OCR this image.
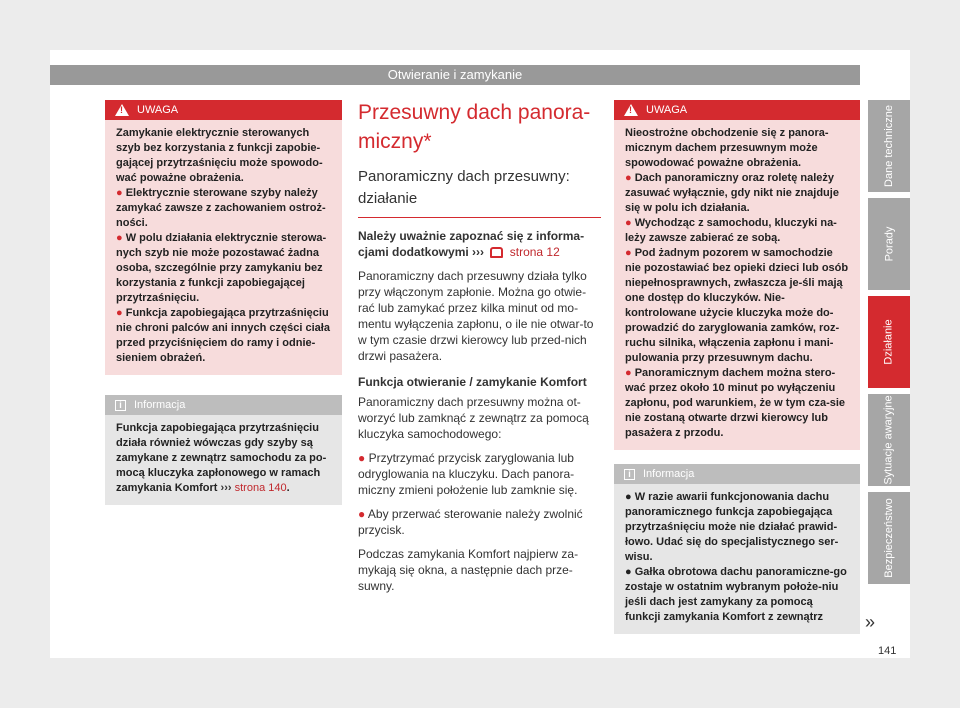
Otwieranie i zamykanie
!
UWAGA

Zamykanie elektrycznie sterowanych szyb bez korzystania z funkcji zapobie-gającej przytrzaśnięciu może spowodo-wać poważne obrażenia.

● Elektrycznie sterowane szyby należy zamykać zawsze z zachowaniem ostroż-ności.

● W polu działania elektrycznie sterowa-nych szyb nie może pozostawać żadna osoba, szczególnie przy zamykaniu bez korzystania z funkcji zapobiegającej przytrzaśnięciu.

● Funkcja zapobiegająca przytrzaśnięciu nie chroni palców ani innych części ciała przed przyciśnięciem do ramy i odnie-sieniem obrażeń.

i	Informacja
Funkcja zapobiegająca przytrzaśnięciu działa również wówczas gdy szyby są zamykane z zewnątrz samochodu za po-mocą kluczyka zapłonowego w ramach zamykania Komfort ››› strona 140.
Przesuwny dach panora-miczny*
Panoramiczny dach przesuwny: działanie

Należy uważnie zapoznać się z informa-cjami dodatkowymi ››› strona 12

Panoramiczny dach przesuwny działa tylko przy włączonym zapłonie. Można go otwie-rać lub zamykać przez kilka minut od mo-mentu wyłączenia zapłonu, o ile nie otwar-to w tym czasie drzwi kierowcy lub przed-nich drzwi pasażera.

Funkcja otwieranie / zamykanie Komfort

Panoramiczny dach przesuwny można ot-worzyć lub zamknąć z zewnątrz za pomocą kluczyka samochodowego:

● Przytrzymać przycisk zaryglowania lub odryglowania na kluczyku. Dach panora-miczny zmieni położenie lub zamknie się.

● Aby przerwać sterowanie należy zwolnić przycisk.

Podczas zamykania Komfort najpierw za-mykają się okna, a następnie dach prze-suwny.

!
UWAGA

Nieostrożne obchodzenie się z panora-micznym dachem przesuwnym może spowodować poważne obrażenia.

● Dach panoramiczny oraz roletę należy zasuwać wyłącznie, gdy nikt nie znajduje się w polu ich działania.

● Wychodząc z samochodu, kluczyki na-leży zawsze zabierać ze sobą.

● Pod żadnym pozorem w samochodzie nie pozostawiać bez opieki dzieci lub osób niepełnosprawnych, zwłaszcza je-śli mają one dostęp do kluczyków. Nie-kontrolowane użycie kluczyka może do-prowadzić do zaryglowania zamków, roz-ruchu silnika, włączenia zapłonu i mani-pulowania przy przesuwnym dachu.

● Panoramicznym dachem można stero-wać przez około 10 minut po wyłączeniu zapłonu, pod warunkiem, że w tym cza-sie nie zostaną otwarte drzwi kierowcy lub pasażera z przodu.

i	Informacja

● W razie awarii funkcjonowania dachu panoramicznego funkcja zapobiegająca przytrzaśnięciu może nie działać prawid-łowo. Udać się do specjalistycznego ser-wisu.

● Gałka obrotowa dachu panoramiczne-go zostaje w ostatnim wybranym położe-niu jeśli dach jest zamykany za pomocą funkcji zamykania Komfort z zewnątrz

Dane techniczne
Porady
Działanie
Sytuacje awaryjne
Bezpieczeństwo
»
141
